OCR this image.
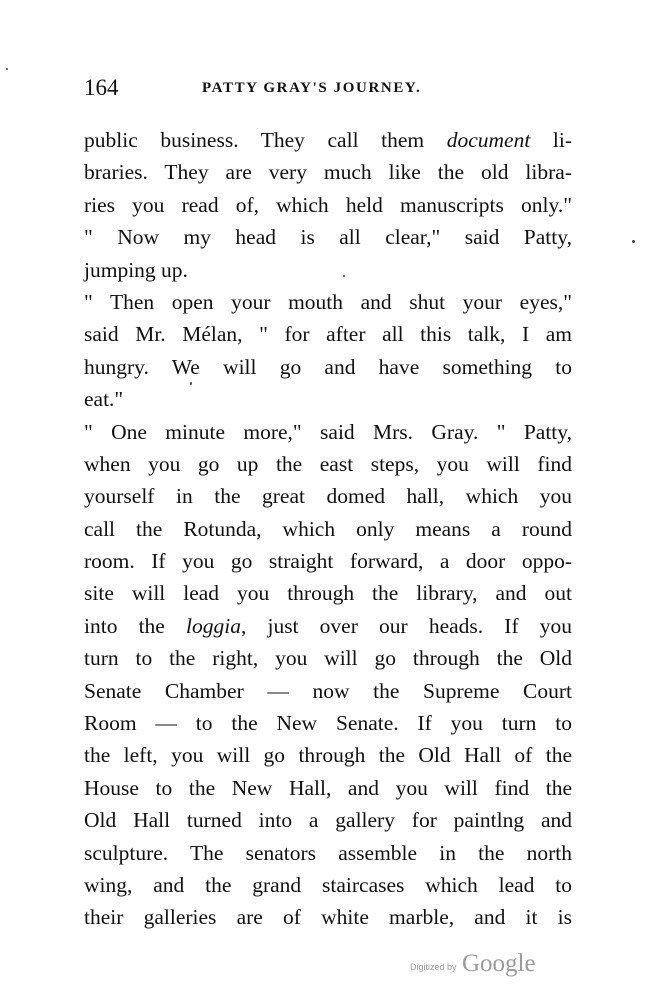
164	PATTY GRAY'S JOURNEY.
public business. They call them document li-
braries. They are very much like the old libra-
ries you read of, which held manuscripts only."
" Now my head is all clear," said Patty,
jumping up.
" Then open your mouth and shut your eyes,"
said Mr. Mélan, " for after all this talk, I am
hungry. We will go and have something to
eat."
" One minute more," said Mrs. Gray. " Patty,
when you go up the east steps, you will find
yourself in the great domed hall, which you
call the Rotunda, which only means a round
room. If you go straight forward, a door oppo-
site will lead you through the library, and out
into the loggia, just over our heads. If you
turn to the right, you will go through the Old
Senate Chamber — now the Supreme Court
Room — to the New Senate. If you turn to
the left, you will go through the Old Hall of the
House to the New Hall, and you will find the
Old Hall turned into a gallery for paintlng and
sculpture. The senators assemble in the north
wing, and the grand staircases which lead to
their galleries are of white marble, and it is
Digitized by Google
